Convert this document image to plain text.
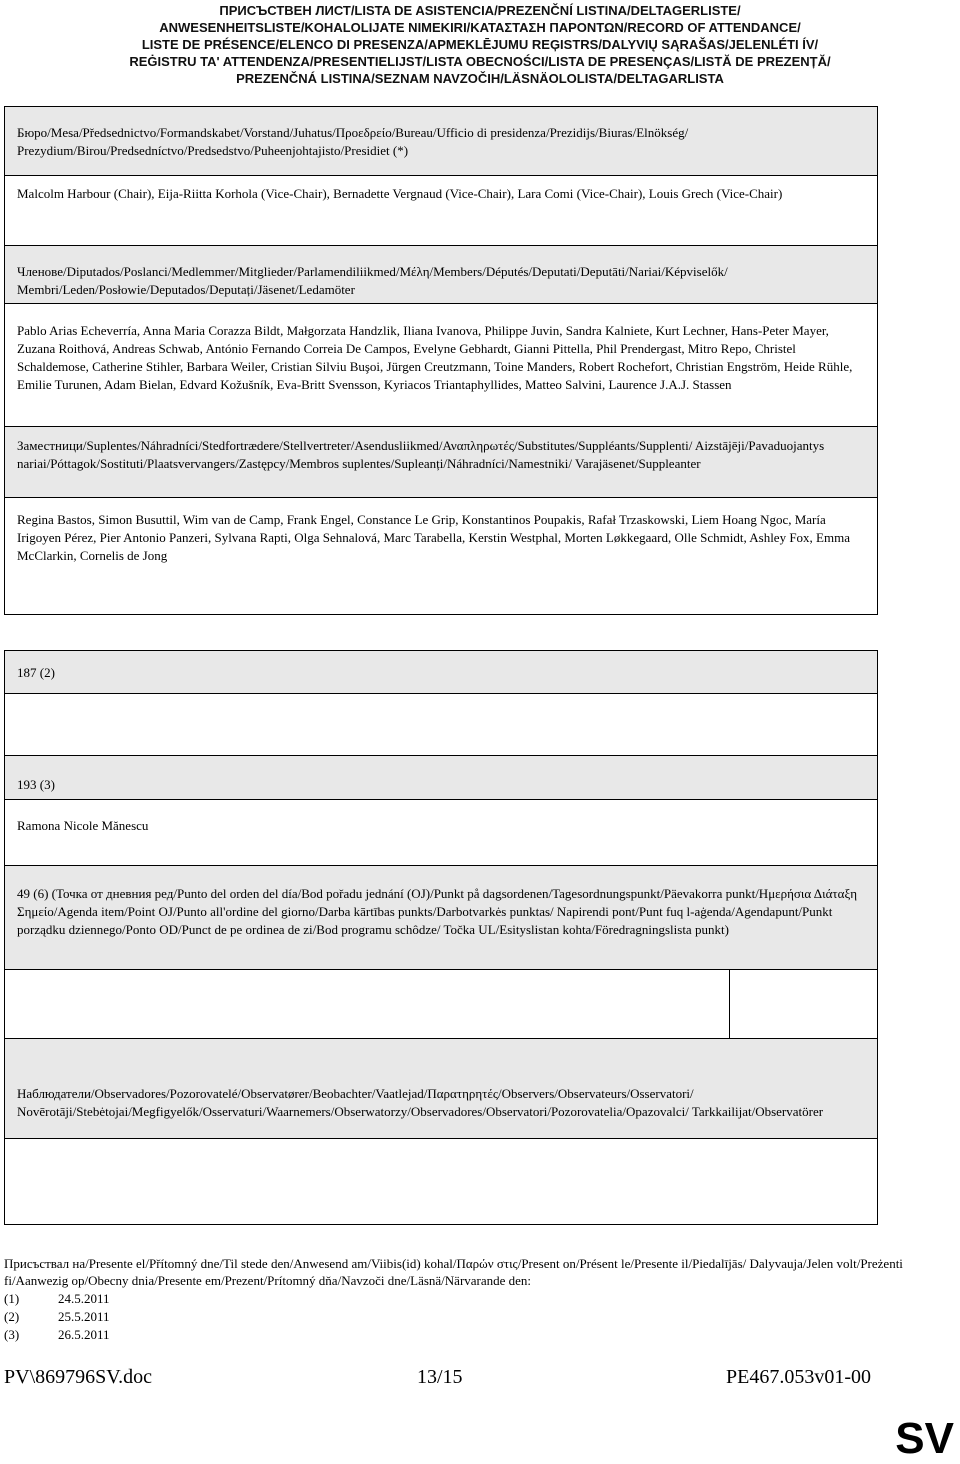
ПРИСЪСТВЕН ЛИСТ/LISTA DE ASISTENCIA/PREZENČNÍ LISTINA/DELTAGERLISTE/
ANWESENHEITSLISTE/KOHALOLIJATE NIMEKIRI/ΚΑΤΑΣΤΑΣΗ ΠΑΡΟΝΤΩΝ/RECORD OF ATTENDANCE/
LISTE DE PRÉSENCE/ELENCO DI PRESENZA/APMEKLĒJUMU REĢISTRS/DALYVIŲ SĄRAŠAS/JELENLÉTI ÍV/
REĠISTRU TA' ATTENDENZA/PRESENTIELIJST/LISTA OBECNOŚCI/LISTA DE PRESENÇAS/LISTĂ DE PREZENȚĂ/
PREZENČNÁ LISTINA/SEZNAM NAVZOČIH/LÄSNÄOLOLISTA/DELTAGARLISTA
Бюро/Mesa/Předsednictvo/Formandskabet/Vorstand/Juhatus/Προεδρείο/Bureau/Ufficio di presidenza/Prezidijs/Biuras/Elnökség/ Prezydium/Birou/Predsedníctvo/Predsedstvo/Puheenjohtajisto/Presidiet (*)
Malcolm Harbour (Chair), Eija-Riitta Korhola (Vice-Chair), Bernadette Vergnaud (Vice-Chair), Lara Comi (Vice-Chair), Louis Grech (Vice-Chair)
Членове/Diputados/Poslanci/Medlemmer/Mitglieder/Parlamendiliikmed/Μέλη/Members/Députés/Deputati/Deputāti/Nariai/Képviselők/ Membri/Leden/Posłowie/Deputados/Deputați/Jäsenet/Ledamöter
Pablo Arias Echeverría, Anna Maria Corazza Bildt, Małgorzata Handzlik, Iliana Ivanova, Philippe Juvin, Sandra Kalniete, Kurt Lechner, Hans-Peter Mayer, Zuzana Roithová, Andreas Schwab, António Fernando Correia De Campos, Evelyne Gebhardt, Gianni Pittella, Phil Prendergast, Mitro Repo, Christel Schaldemose, Catherine Stihler, Barbara Weiler, Cristian Silviu Buşoi, Jürgen Creutzmann, Toine Manders, Robert Rochefort, Christian Engström, Heide Rühle, Emilie Turunen, Adam Bielan, Edvard Kožušník, Eva-Britt Svensson, Kyriacos Triantaphyllides, Matteo Salvini, Laurence J.A.J. Stassen
Заместници/Suplentes/Náhradníci/Stedfortrædere/Stellvertreter/Asendusliikmed/Αναπληρωτές/Substitutes/Suppléants/Supplenti/ Aizstājēji/Pavaduojantys nariai/Póttagok/Sostituti/Plaatsvervangers/Zastępcy/Membros suplentes/Supleanți/Náhradníci/Namestniki/ Varajäsenet/Suppleanter
Regina Bastos, Simon Busuttil, Wim van de Camp, Frank Engel, Constance Le Grip, Konstantinos Poupakis, Rafał Trzaskowski, Liem Hoang Ngoc, María Irigoyen Pérez, Pier Antonio Panzeri, Sylvana Rapti, Olga Sehnalová, Marc Tarabella, Kerstin Westphal, Morten Løkkegaard, Olle Schmidt, Ashley Fox, Emma McClarkin, Cornelis de Jong
187 (2)
193 (3)
Ramona Nicole Mănescu
49 (6) (Точка от дневния ред/Punto del orden del día/Bod pořadu jednání (OJ)/Punkt på dagsordenen/Tagesordnungspunkt/Päevakorra punkt/Ημερήσια Διάταξη Σημείο/Agenda item/Point OJ/Punto all'ordine del giorno/Darba kārtības punkts/Darbotvarkės punktas/ Napirendi pont/Punt fuq l-aġenda/Agendapunt/Punkt porządku dziennego/Ponto OD/Punct de pe ordinea de zi/Bod programu schôdze/ Točka UL/Esityslistan kohta/Föredragningslista punkt)
Наблюдатели/Observadores/Pozorovatelé/Observatører/Beobachter/Vaatlejad/Παρατηρητές/Observers/Observateurs/Osservatori/ Novērotāji/Stebėtojai/Megfigyelők/Osservaturi/Waarnemers/Obserwatorzy/Observadores/Observatori/Pozorovatelia/Opazovalci/ Tarkkailijat/Observatörer
Присъствал на/Presente el/Přítomný dne/Til stede den/Anwesend am/Viibis(id) kohal/Παρών στις/Present on/Présent le/Presente il/Piedalījās/ Dalyvauja/Jelen volt/Preżenti fi/Aanwezig op/Obecny dnia/Presente em/Prezent/Prítomný dňa/Navzoči dne/Läsnä/Närvarande den:
(1)	24.5.2011
(2)	25.5.2011
(3)	26.5.2011
PV\869796SV.doc	13/15	PE467.053v01-00
SV
